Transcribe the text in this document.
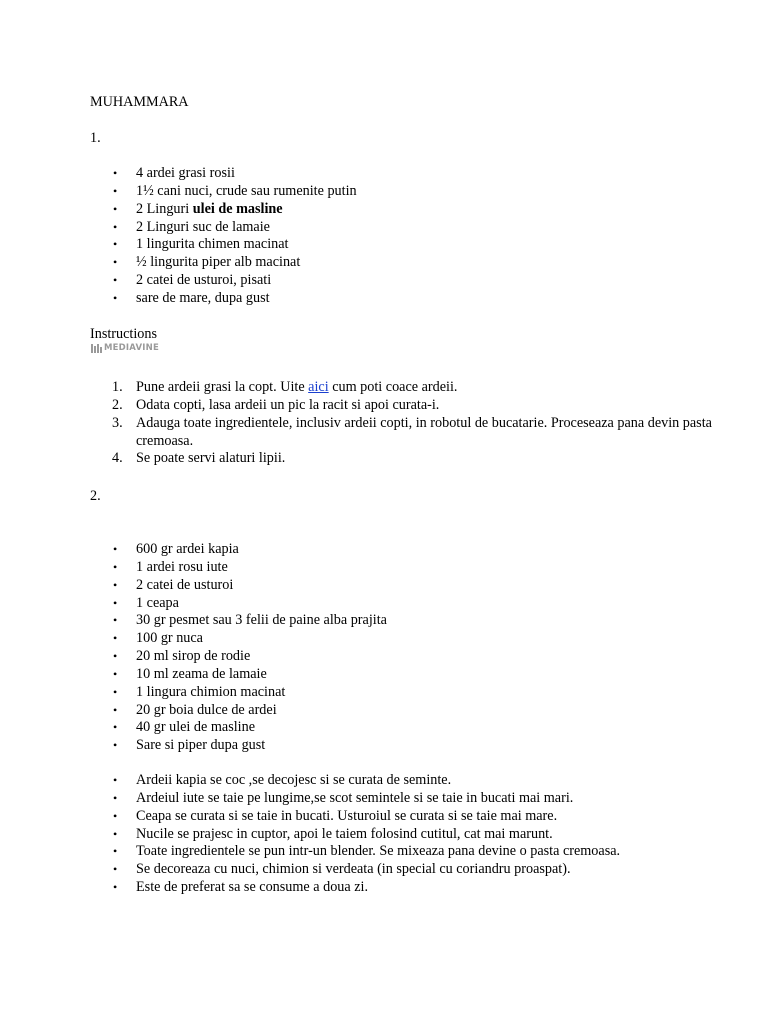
MUHAMMARA

1.

• 4 ardei grasi rosii
• 1½ cani nuci, crude sau rumenite putin
• 2 Linguri ulei de masline
• 2 Linguri suc de lamaie
• 1 lingurita chimen macinat
• ½ lingurita piper alb macinat
• 2 catei de usturoi, pisati
• sare de mare, dupa gust

Instructions

MEDIAVINE
1. Pune ardeii grasi la copt. Uite aici cum poti coace ardeii.
2. Odata copti, lasa ardeii un pic la racit si apoi curata-i.
3. Adauga toate ingredientele, inclusiv ardeii copti, in robotul de bucatarie. Proceseaza pana devin pasta cremoasa.
4. Se poate servi alaturi lipii.

2.

• 600 gr ardei kapia
• 1 ardei rosu iute
• 2 catei de usturoi
• 1 ceapa
• 30 gr pesmet sau 3 felii de paine alba prajita
• 100 gr nuca
• 20 ml sirop de rodie
• 10 ml zeama de lamaie
• 1 lingura chimion macinat
• 20 gr boia dulce de ardei
• 40 gr ulei de masline
• Sare si piper dupa gust
• Ardeii kapia se coc ,se decojesc si se curata de seminte.
• Ardeiul iute se taie pe lungime,se scot semintele si se taie in bucati mai mari.
• Ceapa se curata si se taie in bucati. Usturoiul se curata si se taie mai mare.
• Nucile se prajesc in cuptor, apoi le taiem folosind cutitul, cat mai marunt.
• Toate ingredientele se pun intr-un blender. Se mixeaza pana devine o pasta cremoasa.
• Se decoreaza cu nuci, chimion si verdeata (in special cu coriandru proaspat).
• Este de preferat sa se consume a doua zi.
